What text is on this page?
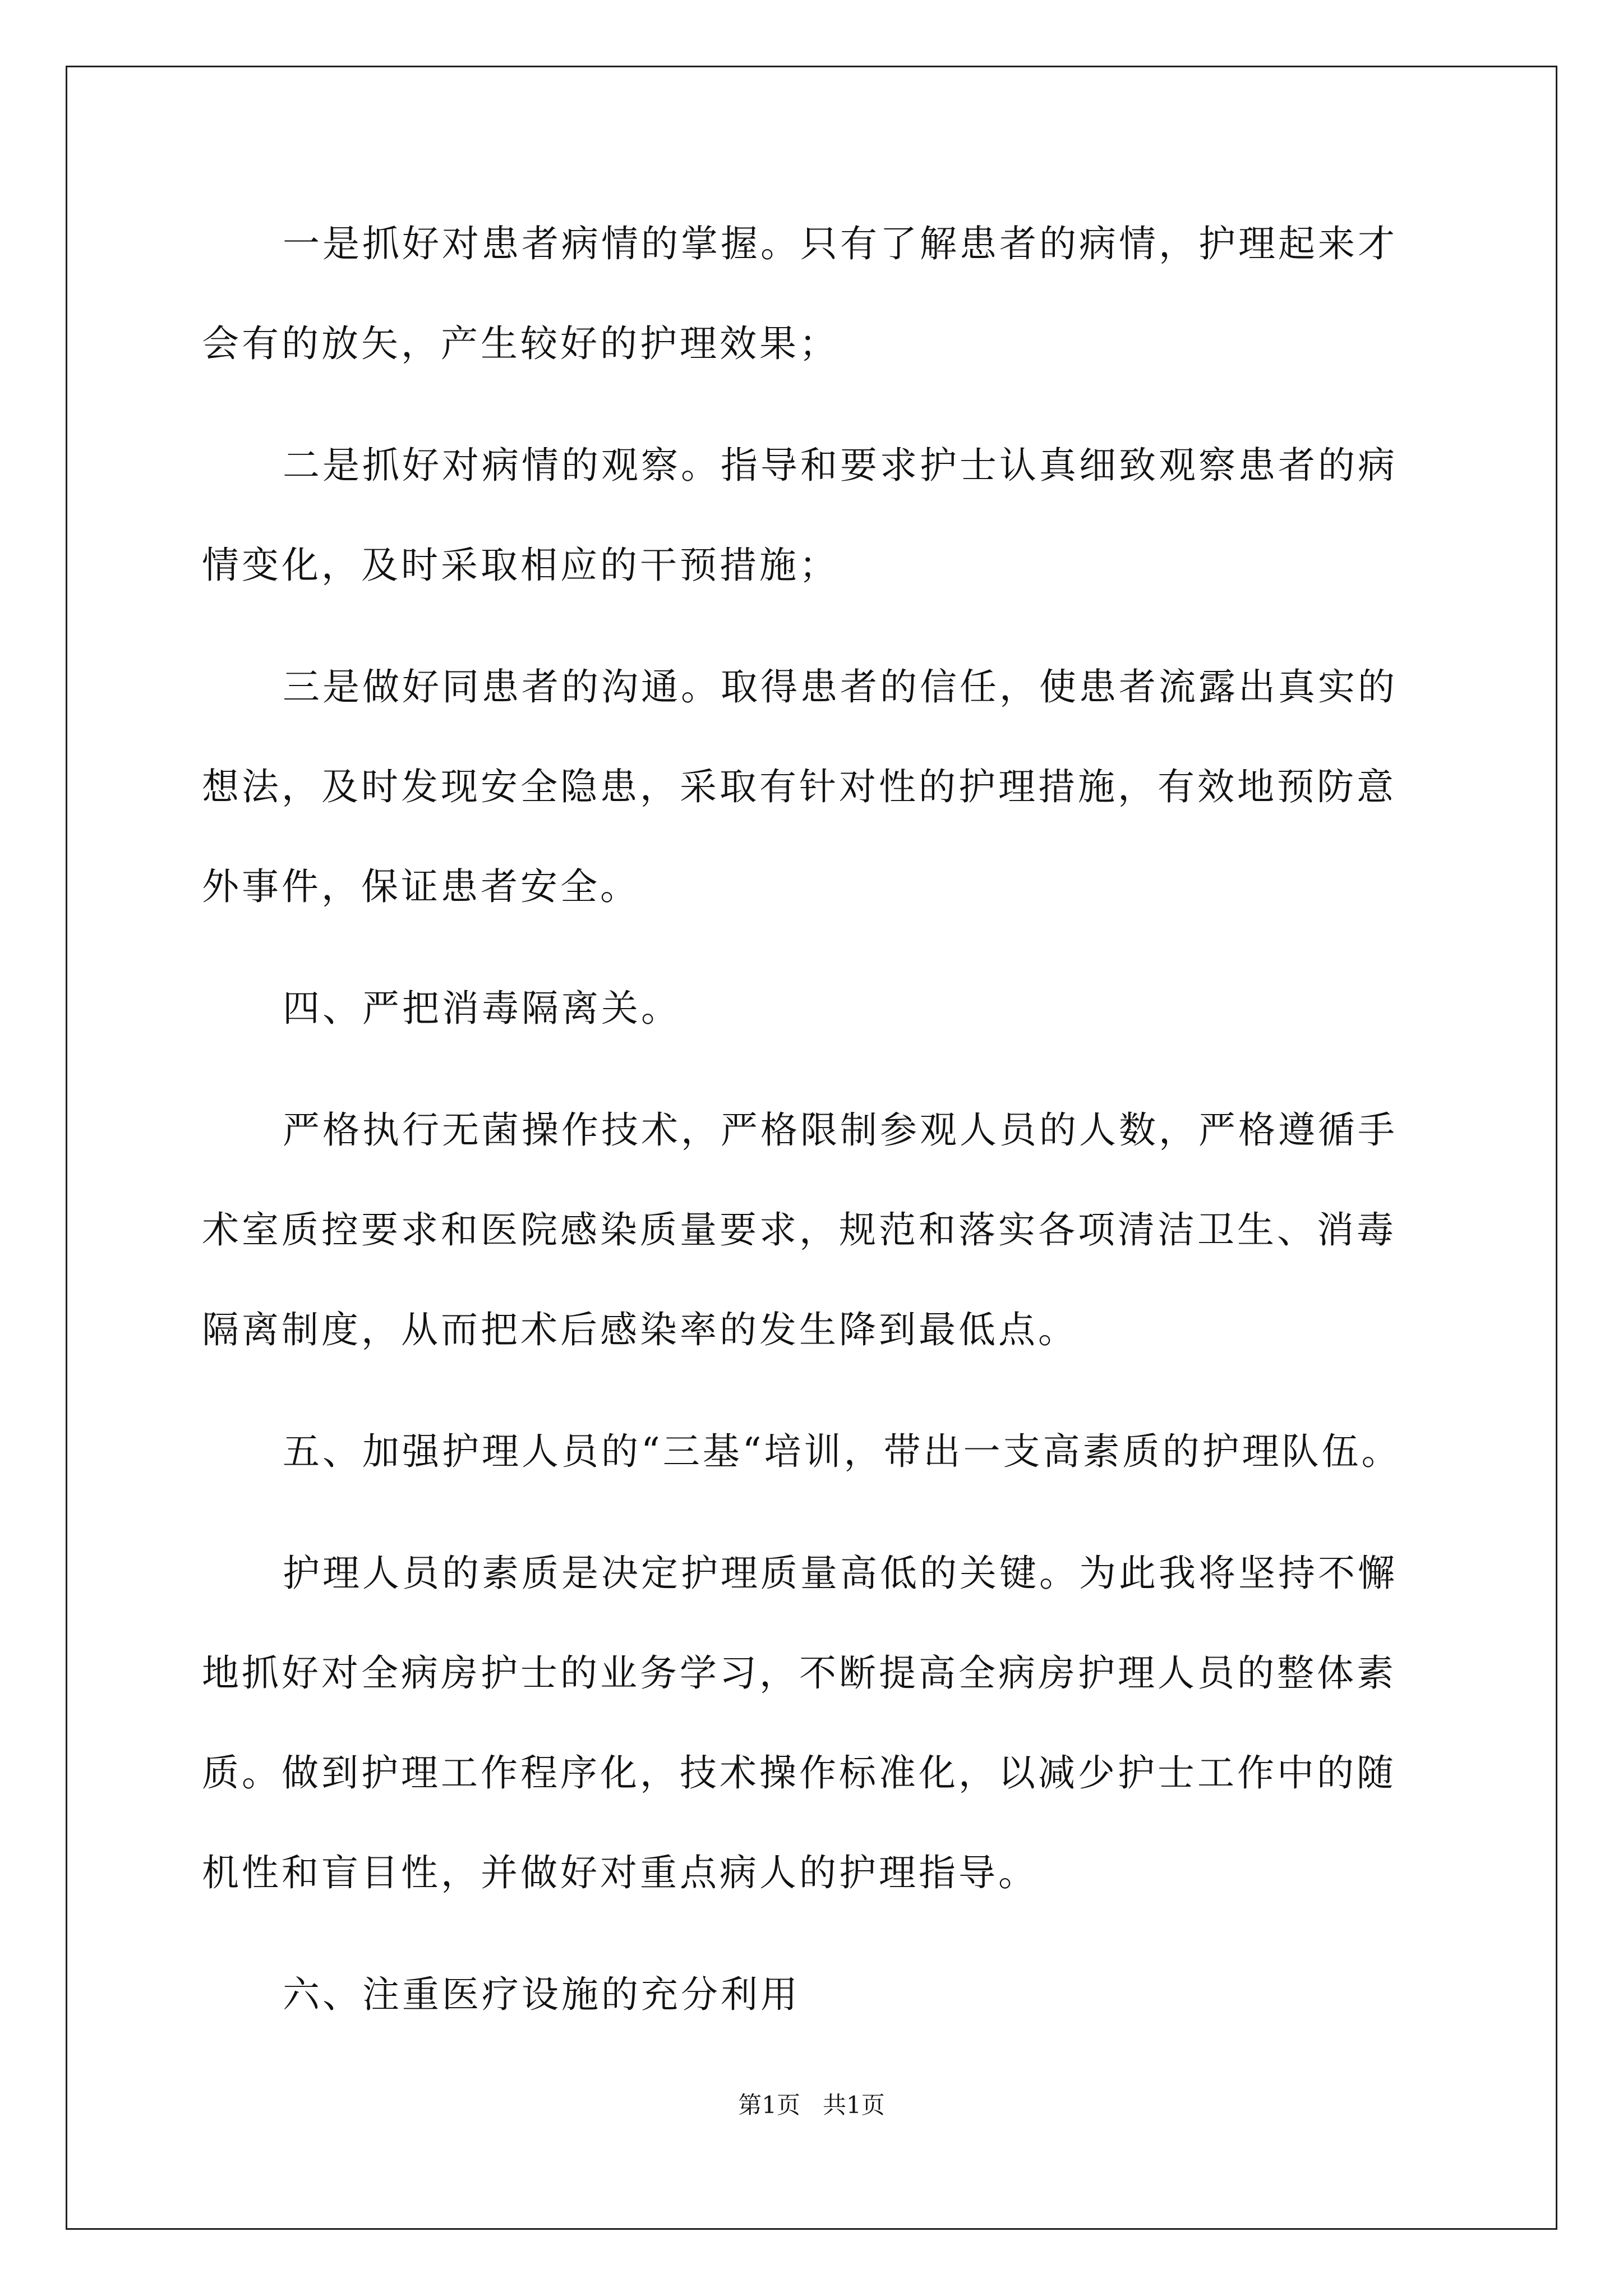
一是抓好对患者病情的掌握。只有了解患者的病情，护理起来才
会有的放矢，产生较好的护理效果；
二是抓好对病情的观察。指导和要求护士认真细致观察患者的病
情变化，及时采取相应的干预措施；
三是做好同患者的沟通。取得患者的信任，使患者流露出真实的
想法，及时发现安全隐患，采取有针对性的护理措施，有效地预防意
外事件，保证患者安全。
四、严把消毒隔离关。
严格执行无菌操作技术，严格限制参观人员的人数，严格遵循手
术室质控要求和医院感染质量要求，规范和落实各项清洁卫生、消毒
隔离制度，从而把术后感染率的发生降到最低点。
五、加强护理人员的“三基“培训，带出一支高素质的护理队伍。
护理人员的素质是决定护理质量高低的关键。为此我将坚持不懈
地抓好对全病房护士的业务学习，不断提高全病房护理人员的整体素
质。做到护理工作程序化，技术操作标准化，以减少护士工作中的随
机性和盲目性，并做好对重点病人的护理指导。
六、注重医疗设施的充分利用
第1页   共1页
